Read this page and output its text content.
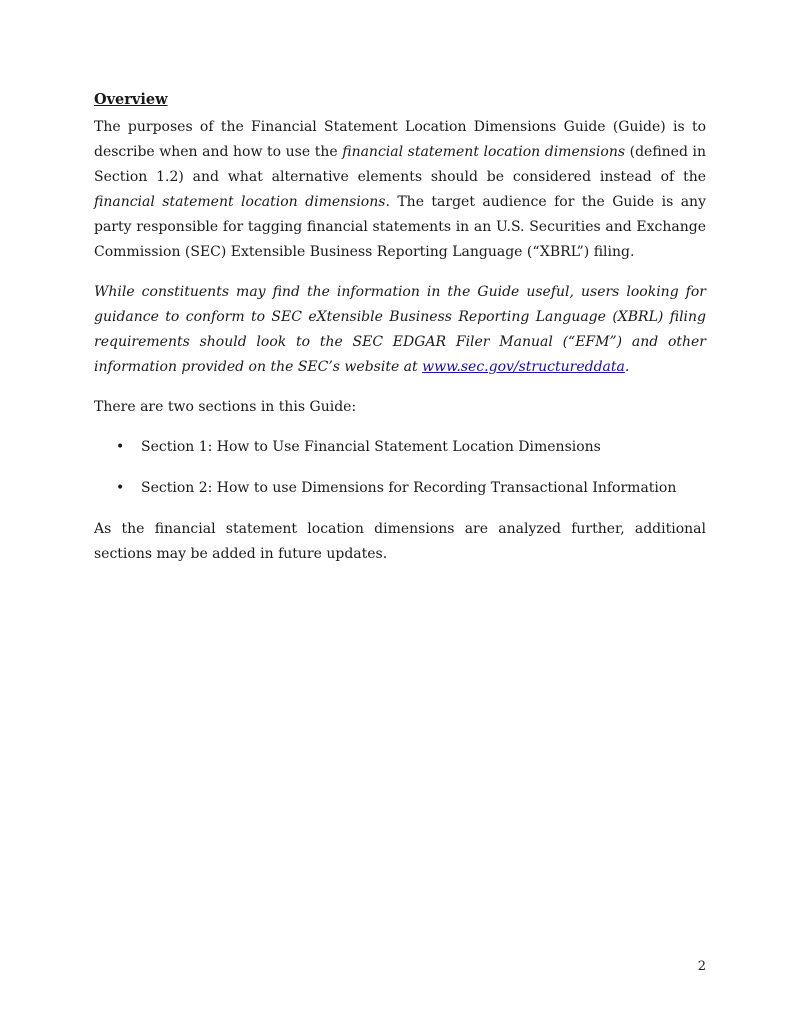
Overview

The purposes of the Financial Statement Location Dimensions Guide (Guide) is to describe when and how to use the financial statement location dimensions (defined in Section 1.2) and what alternative elements should be considered instead of the financial statement location dimensions. The target audience for the Guide is any party responsible for tagging financial statements in an U.S. Securities and Exchange Commission (SEC) Extensible Business Reporting Language (“XBRL”) filing.

While constituents may find the information in the Guide useful, users looking for guidance to conform to SEC eXtensible Business Reporting Language (XBRL) filing requirements should look to the SEC EDGAR Filer Manual (“EFM”) and other information provided on the SEC’s website at www.sec.gov/structureddata.

There are two sections in this Guide:

• Section 1: How to Use Financial Statement Location Dimensions
• Section 2: How to use Dimensions for Recording Transactional Information

As the financial statement location dimensions are analyzed further, additional sections may be added in future updates.

2
